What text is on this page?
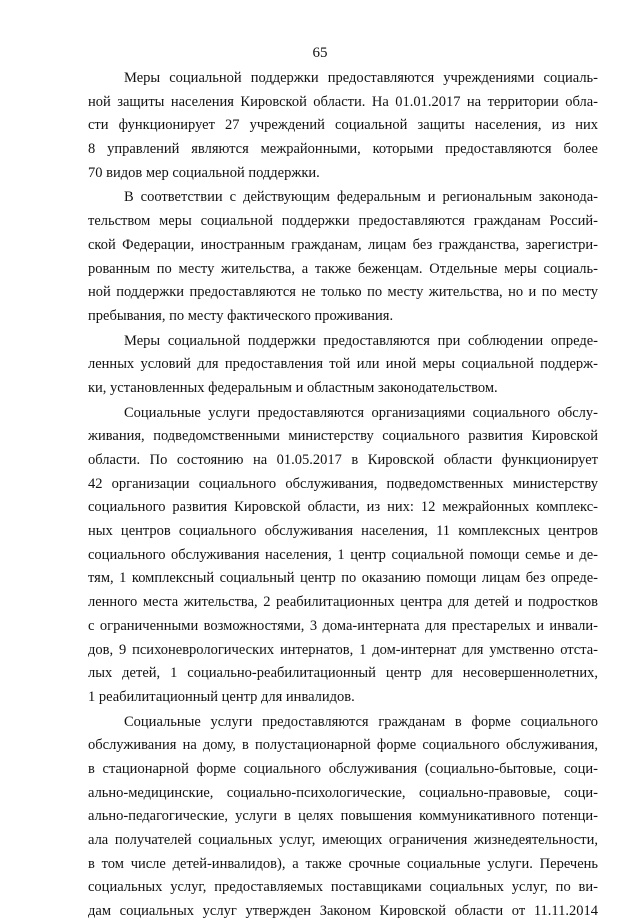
65

Меры социальной поддержки предоставляются учреждениями социаль-
ной защиты населения Кировской области. На 01.01.2017 на территории обла-
сти функционирует 27 учреждений социальной защиты населения, из них
8 управлений являются межрайонными, которыми предоставляются более
70 видов мер социальной поддержки.

В соответствии с действующим федеральным и региональным законода-
тельством меры социальной поддержки предоставляются гражданам Россий-
ской Федерации, иностранным гражданам, лицам без гражданства, зарегистри-
рованным по месту жительства, а также беженцам. Отдельные меры социаль-
ной поддержки предоставляются не только по месту жительства, но и по месту
пребывания, по месту фактического проживания.

Меры социальной поддержки предоставляются при соблюдении опреде-
ленных условий для предоставления той или иной меры социальной поддерж-
ки, установленных федеральным и областным законодательством.

Социальные услуги предоставляются организациями социального обслу-
живания, подведомственными министерству социального развития Кировской
области. По состоянию на 01.05.2017 в Кировской области функционирует
42 организации социального обслуживания, подведомственных министерству
социального развития Кировской области, из них: 12 межрайонных комплекс-
ных центров социального обслуживания населения, 11 комплексных центров
социального обслуживания населения, 1 центр социальной помощи семье и де-
тям, 1 комплексный социальный центр по оказанию помощи лицам без опреде-
ленного места жительства, 2 реабилитационных центра для детей и подростков
с ограниченными возможностями, 3 дома-интерната для престарелых и инвали-
дов, 9 психоневрологических интернатов, 1 дом-интернат для умственно отста-
лых детей, 1 социально-реабилитационный центр для несовершеннолетних,
1 реабилитационный центр для инвалидов.

Социальные услуги предоставляются гражданам в форме социального
обслуживания на дому, в полустационарной форме социального обслуживания,
в стационарной форме социального обслуживания (социально-бытовые, соци-
ально-медицинские, социально-психологические, социально-правовые, соци-
ально-педагогические, услуги в целях повышения коммуникативного потенци-
ала получателей социальных услуг, имеющих ограничения жизнедеятельности,
в том числе детей-инвалидов), а также срочные социальные услуги. Перечень
социальных услуг, предоставляемых поставщиками социальных услуг, по ви-
дам социальных услуг утвержден Законом Кировской области от 11.11.2014
